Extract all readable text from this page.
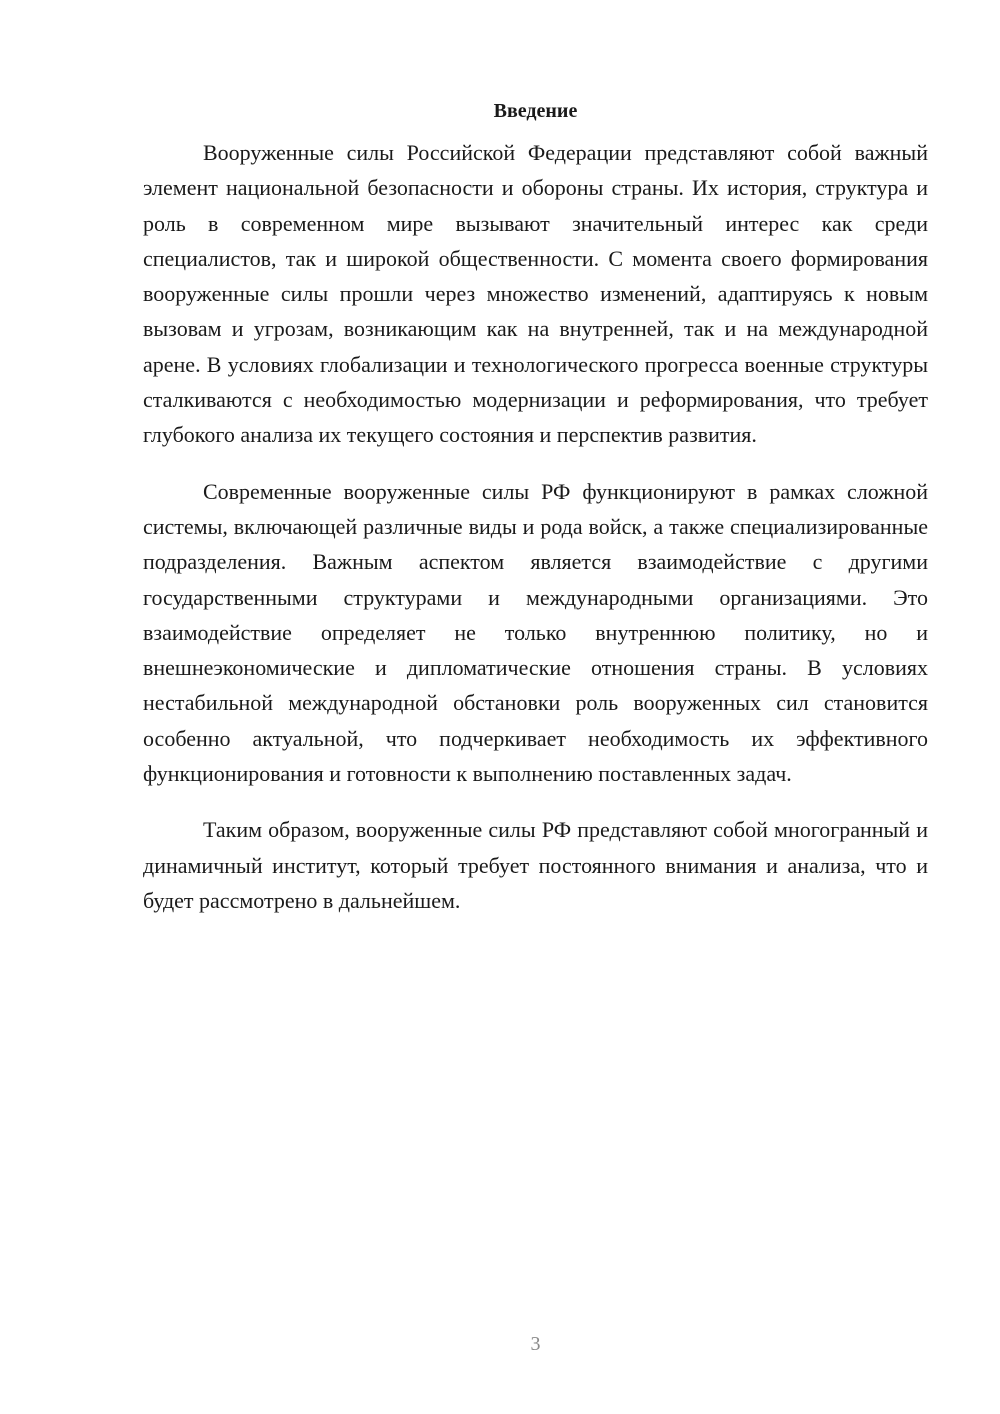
Введение

Вооруженные силы Российской Федерации представляют собой важный элемент национальной безопасности и обороны страны. Их история, структура и роль в современном мире вызывают значительный интерес как среди специалистов, так и широкой общественности. С момента своего формирования вооруженные силы прошли через множество изменений, адаптируясь к новым вызовам и угрозам, возникающим как на внутренней, так и на международной арене. В условиях глобализации и технологического прогресса военные структуры сталкиваются с необходимостью модернизации и реформирования, что требует глубокого анализа их текущего состояния и перспектив развития.

Современные вооруженные силы РФ функционируют в рамках сложной системы, включающей различные виды и рода войск, а также специализированные подразделения. Важным аспектом является взаимодействие с другими государственными структурами и международными организациями. Это взаимодействие определяет не только внутреннюю политику, но и внешнеэкономические и дипломатические отношения страны. В условиях нестабильной международной обстановки роль вооруженных сил становится особенно актуальной, что подчеркивает необходимость их эффективного функционирования и готовности к выполнению поставленных задач.

Таким образом, вооруженные силы РФ представляют собой многогранный и динамичный институт, который требует постоянного внимания и анализа, что и будет рассмотрено в дальнейшем.

3
